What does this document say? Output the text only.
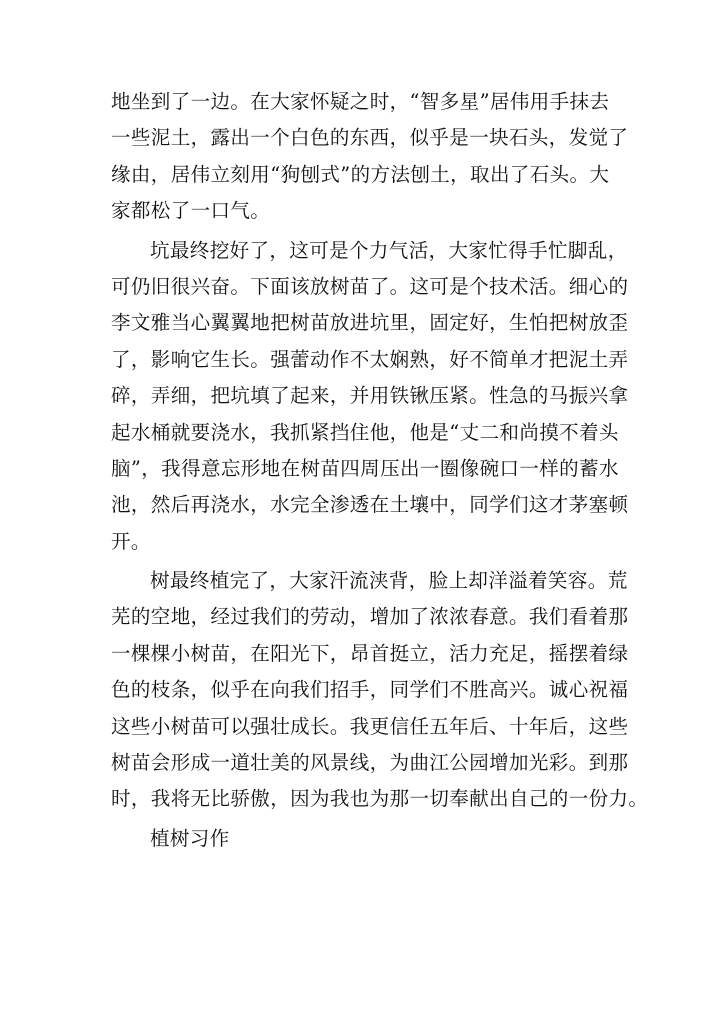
地坐到了一边。在大家怀疑之时，“智多星”居伟用手抹去
一些泥土，露出一个白色的东西，似乎是一块石头，发觉了
缘由，居伟立刻用“狗刨式”的方法刨土，取出了石头。大
家都松了一口气。
坑最终挖好了，这可是个力气活，大家忙得手忙脚乱，
可仍旧很兴奋。下面该放树苗了。这可是个技术活。细心的
李文雅当心翼翼地把树苗放进坑里，固定好，生怕把树放歪
了，影响它生长。强蕾动作不太娴熟，好不简单才把泥土弄
碎，弄细，把坑填了起来，并用铁锹压紧。性急的马振兴拿
起水桶就要浇水，我抓紧挡住他，他是“丈二和尚摸不着头
脑”，我得意忘形地在树苗四周压出一圈像碗口一样的蓄水
池，然后再浇水，水完全渗透在土壤中，同学们这才茅塞顿
开。
树最终植完了，大家汗流浃背，脸上却洋溢着笑容。荒
芜的空地，经过我们的劳动，增加了浓浓春意。我们看着那
一棵棵小树苗，在阳光下，昂首挺立，活力充足，摇摆着绿
色的枝条，似乎在向我们招手，同学们不胜高兴。诚心祝福
这些小树苗可以强壮成长。我更信任五年后、十年后，这些
树苗会形成一道壮美的风景线，为曲江公园增加光彩。到那
时，我将无比骄傲，因为我也为那一切奉献出自己的一份力。
植树习作
